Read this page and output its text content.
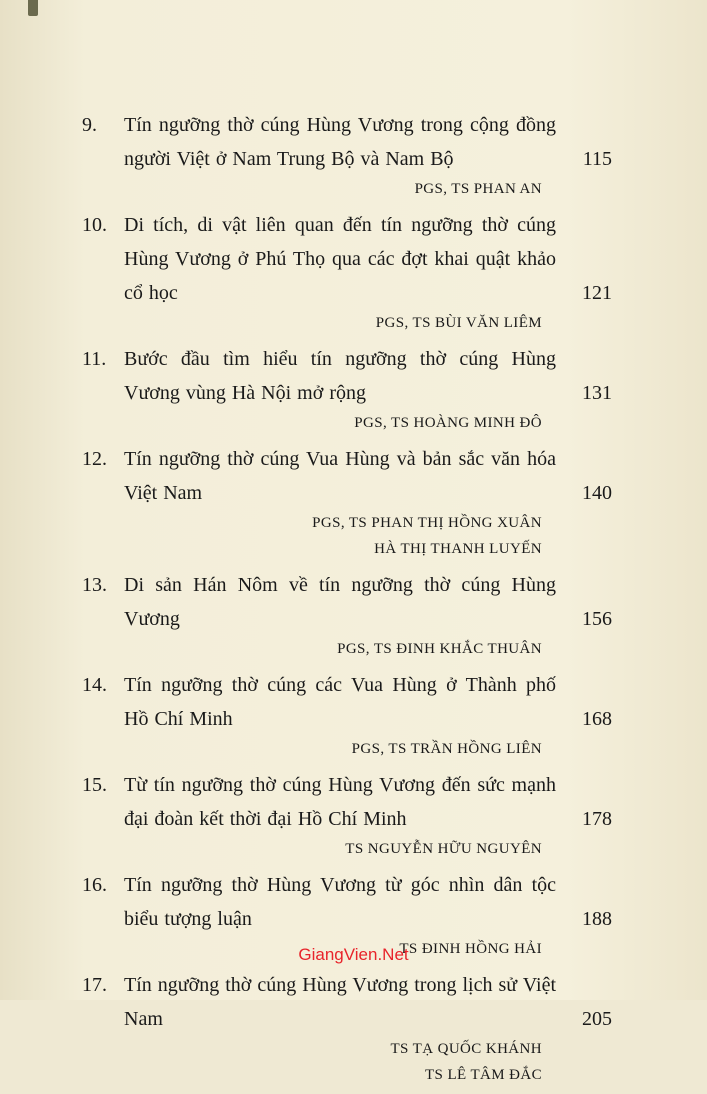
9.
115
Tín ngưỡng thờ cúng Hùng Vương trong cộng đồng người Việt ở Nam Trung Bộ và Nam Bộ
PGS, TS PHAN AN
10.
121
Di tích, di vật liên quan đến tín ngưỡng thờ cúng Hùng Vương ở Phú Thọ qua các đợt khai quật khảo cổ học
PGS, TS BÙI VĂN LIÊM
11.
131
Bước đầu tìm hiểu tín ngưỡng thờ cúng Hùng Vương vùng Hà Nội mở rộng
PGS, TS HOÀNG MINH ĐÔ
12.
140
Tín ngưỡng thờ cúng Vua Hùng và bản sắc văn hóa Việt Nam
PGS, TS PHAN THỊ HỒNG XUÂN
HÀ THỊ THANH LUYẾN
13.
156
Di sản Hán Nôm về tín ngưỡng thờ cúng Hùng Vương
PGS, TS ĐINH KHẮC THUÂN
14.
168
Tín ngưỡng thờ cúng các Vua Hùng ở Thành phố Hồ Chí Minh
PGS, TS TRẦN HỒNG LIÊN
15.
178
Từ tín ngưỡng thờ cúng Hùng Vương đến sức mạnh đại đoàn kết thời đại Hồ Chí Minh
TS NGUYỄN HỮU NGUYÊN
16.
188
Tín ngưỡng thờ Hùng Vương từ góc nhìn dân tộc biểu tượng luận
TS ĐINH HỒNG HẢI
17.
205
Tín ngưỡng thờ cúng Hùng Vương trong lịch sử Việt Nam
TS TẠ QUỐC KHÁNH
TS LÊ TÂM ĐẮC
GiangVien.Net
